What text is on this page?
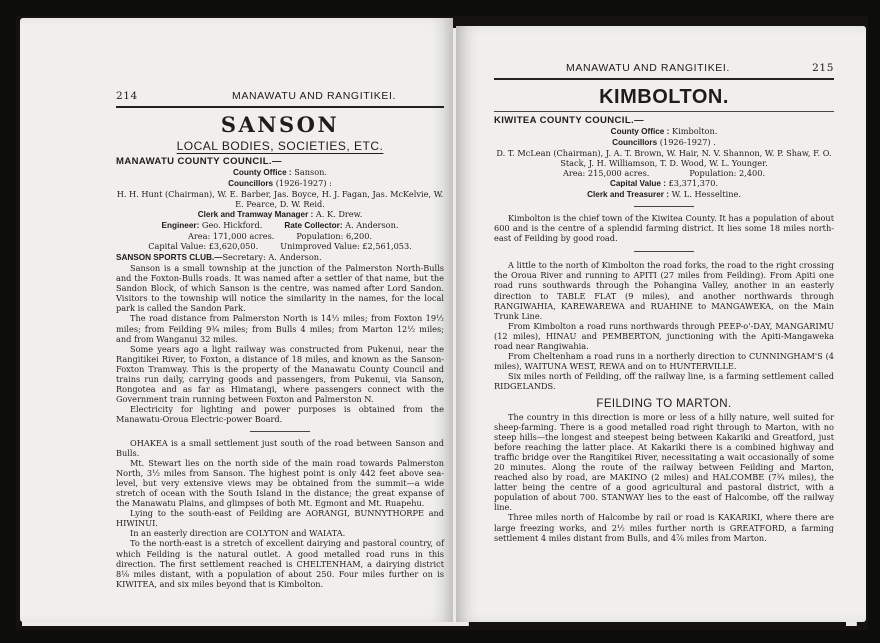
214	MANAWATU AND RANGITIKEI.
SANSON
LOCAL BODIES, SOCIETIES, ETC.
MANAWATU COUNTY COUNCIL.—
County Office : Sanson.
Councillors (1926-1927) :
H. H. Hunt (Chairman), W. E. Barber, Jas. Boyce, H. J. Fagan, Jas. McKelvie, W. E. Pearce, D. W. Reid.
Clerk and Tramway Manager : A. K. Drew.
Engineer: Geo. Hickford.	Rate Collector: A. Anderson.
Area: 171,000 acres.	Population: 6,200.
Capital Value: £3,620,050.	Unimproved Value: £2,561,053.
SANSON SPORTS CLUB.—Secretary: A. Anderson.

Sanson is a small township at the junction of the Palmerston North-Bulls and the Foxton-Bulls roads. It was named after a settler of that name, but the Sandon Block, of which Sanson is the centre, was named after Lord Sandon. Visitors to the township will notice the similarity in the names, for the local park is called the Sandon Park.

The road distance from Palmerston North is 14½ miles; from Foxton 19½ miles; from Feilding 9¾ miles; from Bulls 4 miles; from Marton 12½ miles; and from Wanganui 32 miles.

Some years ago a light railway was constructed from Pukenui, near the Rangitikei River, to Foxton, a distance of 18 miles, and known as the Sanson-Foxton Tramway. This is the property of the Manawatu County Council and trains run daily, carrying goods and passengers, from Pukenui, via Sanson, Rongotea and as far as Himatangi, where passengers connect with the Government train running between Foxton and Palmerston N.

Electricity for lighting and power purposes is obtained from the Manawatu-Oroua Electric-power Board.

OHAKEA is a small settlement just south of the road between Sanson and Bulls.

Mt. Stewart lies on the north side of the main road towards Palmerston North, 3½ miles from Sanson. The highest point is only 442 feet above sea-level, but very extensive views may be obtained from the summit—a wide stretch of ocean with the South Island in the distance; the great expanse of the Manawatu Plains, and glimpses of both Mt. Egmont and Mt. Ruapehu.

Lying to the south-east of Feilding are AORANGI, BUNNYTHORPE and HIWINUI.

In an easterly direction are COLYTON and WAIATA.

To the north-east is a stretch of excellent dairying and pastoral country, of which Feilding is the natural outlet. A good metalled road runs in this direction. The first settlement reached is CHELTENHAM, a dairying district 8⅛ miles distant, with a population of about 250. Four miles further on is KIWITEA, and six miles beyond that is Kimbolton.

MANAWATU AND RANGITIKEI.	215
KIMBOLTON.
KIWITEA COUNTY COUNCIL.—
County Office : Kimbolton.
Councillors (1926-1927) .
D. T. McLean (Chairman), J. A. T. Brown, W. Hair, N. V. Shannon, W. P. Shaw, F. O. Stack, J. H. Williamson, T. D. Wood, W. L. Younger.
Area: 215,000 acres.	Population: 2,400.
Capital Value : £3,371,370.
Clerk and Treasurer : W. L. Hesseltine.

Kimbolton is the chief town of the Kiwitea County. It has a population of about 600 and is the centre of a splendid farming district. It lies some 18 miles north-east of Feilding by good road.

A little to the north of Kimbolton the road forks, the road to the right crossing the Oroua River and running to APITI (27 miles from Feilding). From Apiti one road runs southwards through the Pohangina Valley, another in an easterly direction to TABLE FLAT (9 miles), and another northwards through RANGIWAHIA, KAREWAREWA and RUAHINE to MANGAWEKA, on the Main Trunk Line.

From Kimbolton a road runs northwards through PEEP-o'-DAY, MANGARIMU (12 miles), HINAU and PEMBERTON, junctioning with the Apiti-Mangaweka road near Rangiwahia.

From Cheltenham a road runs in a northerly direction to CUNNINGHAM'S (4 miles), WAITUNA WEST, REWA and on to HUNTERVILLE.

Six miles north of Feilding, off the railway line, is a farming settlement called RIDGELANDS.

FEILDING TO MARTON.

The country in this direction is more or less of a hilly nature, well suited for sheep-farming. There is a good metalled road right through to Marton, with no steep hills—the longest and steepest being between Kakariki and Greatford, just before reaching the latter place. At Kakariki there is a combined highway and traffic bridge over the Rangitikei River, necessitating a wait occasionally of some 20 minutes. Along the route of the railway between Feilding and Marton, reached also by road, are MAKINO (2 miles) and HALCOMBE (7¾ miles), the latter being the centre of a good agricultural and pastoral district, with a population of about 700. STANWAY lies to the east of Halcombe, off the railway line.

Three miles north of Halcombe by rail or road is KAKARIKI, where there are large freezing works, and 2½ miles further north is GREATFORD, a farming settlement 4 miles distant from Bulls, and 4⅞ miles from Marton.
